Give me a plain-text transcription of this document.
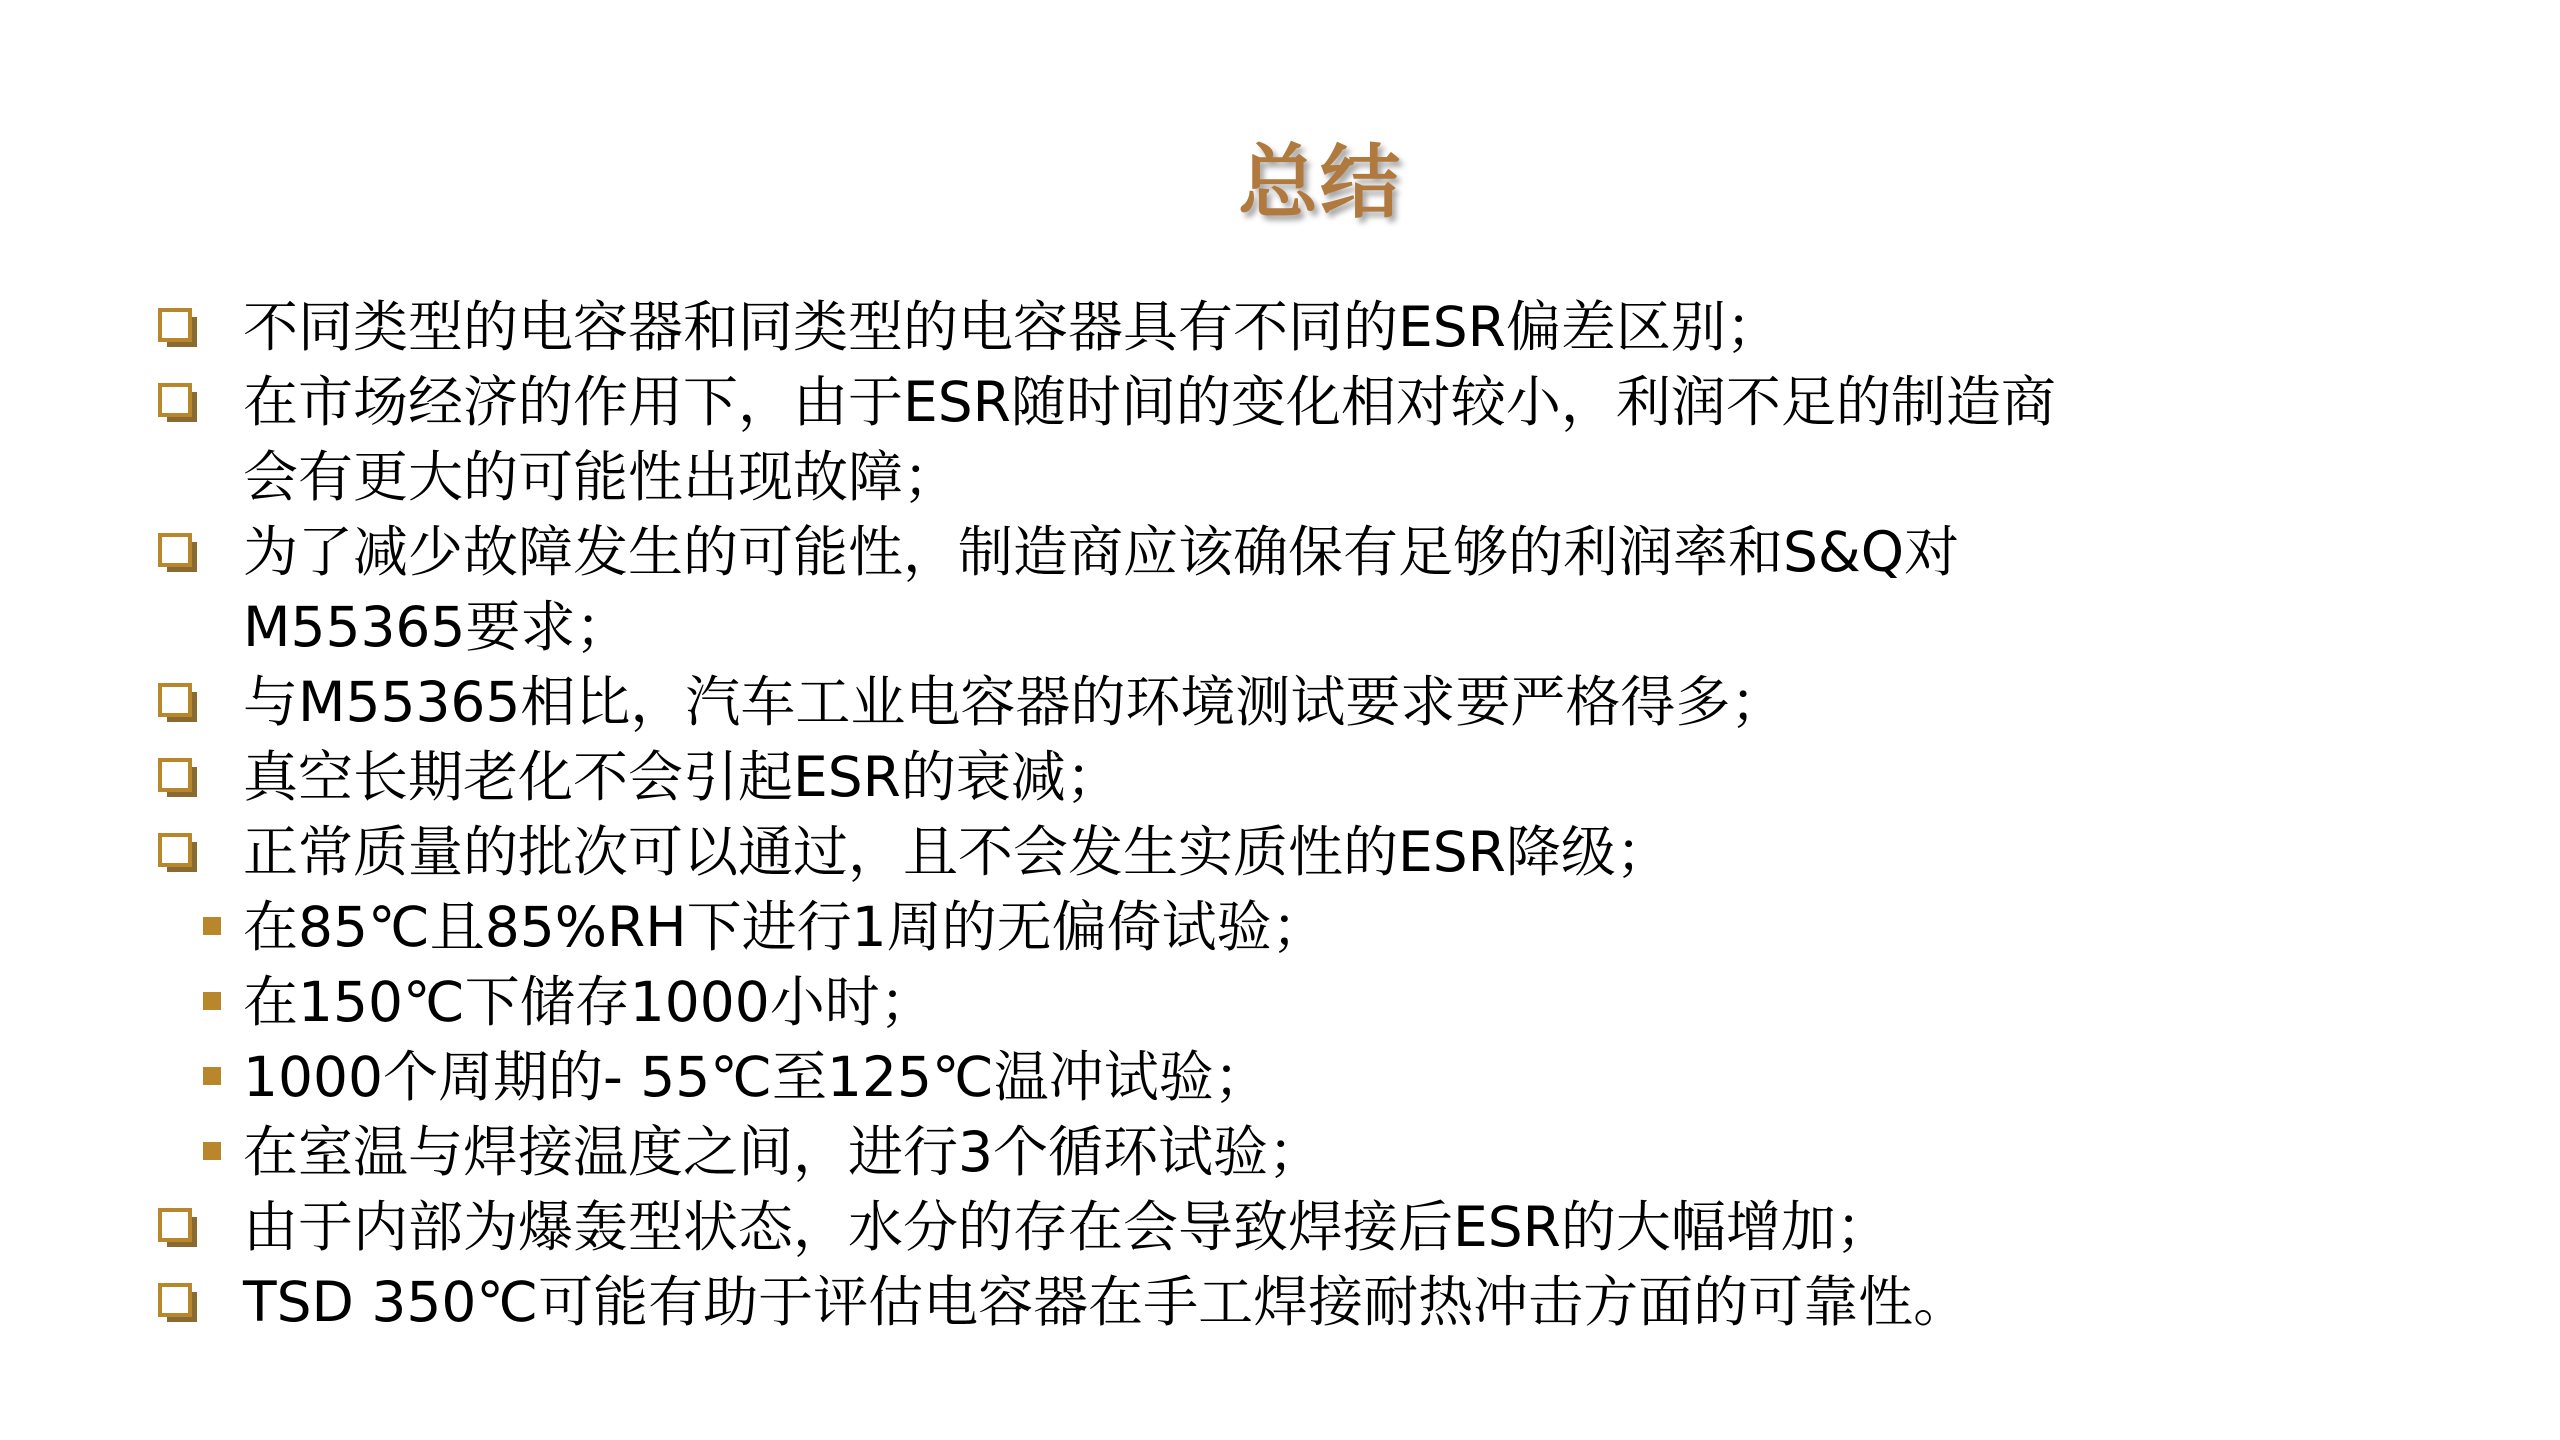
总结
不同类型的电容器和同类型的电容器具有不同的ESR偏差区别；
在市场经济的作用下，由于ESR随时间的变化相对较小，利润不足的制造商
会有更大的可能性出现故障；
为了减少故障发生的可能性，制造商应该确保有足够的利润率和S&Q对
M55365要求；
与M55365相比，汽车工业电容器的环境测试要求要严格得多；
真空长期老化不会引起ESR的衰减；
正常质量的批次可以通过，且不会发生实质性的ESR降级；
在85℃且85%RH下进行1周的无偏倚试验；
在150℃下储存1000小时；
1000个周期的- 55℃至125℃温冲试验；
在室温与焊接温度之间，进行3个循环试验；
由于内部为爆轰型状态，水分的存在会导致焊接后ESR的大幅增加；
TSD 350℃可能有助于评估电容器在手工焊接耐热冲击方面的可靠性。
